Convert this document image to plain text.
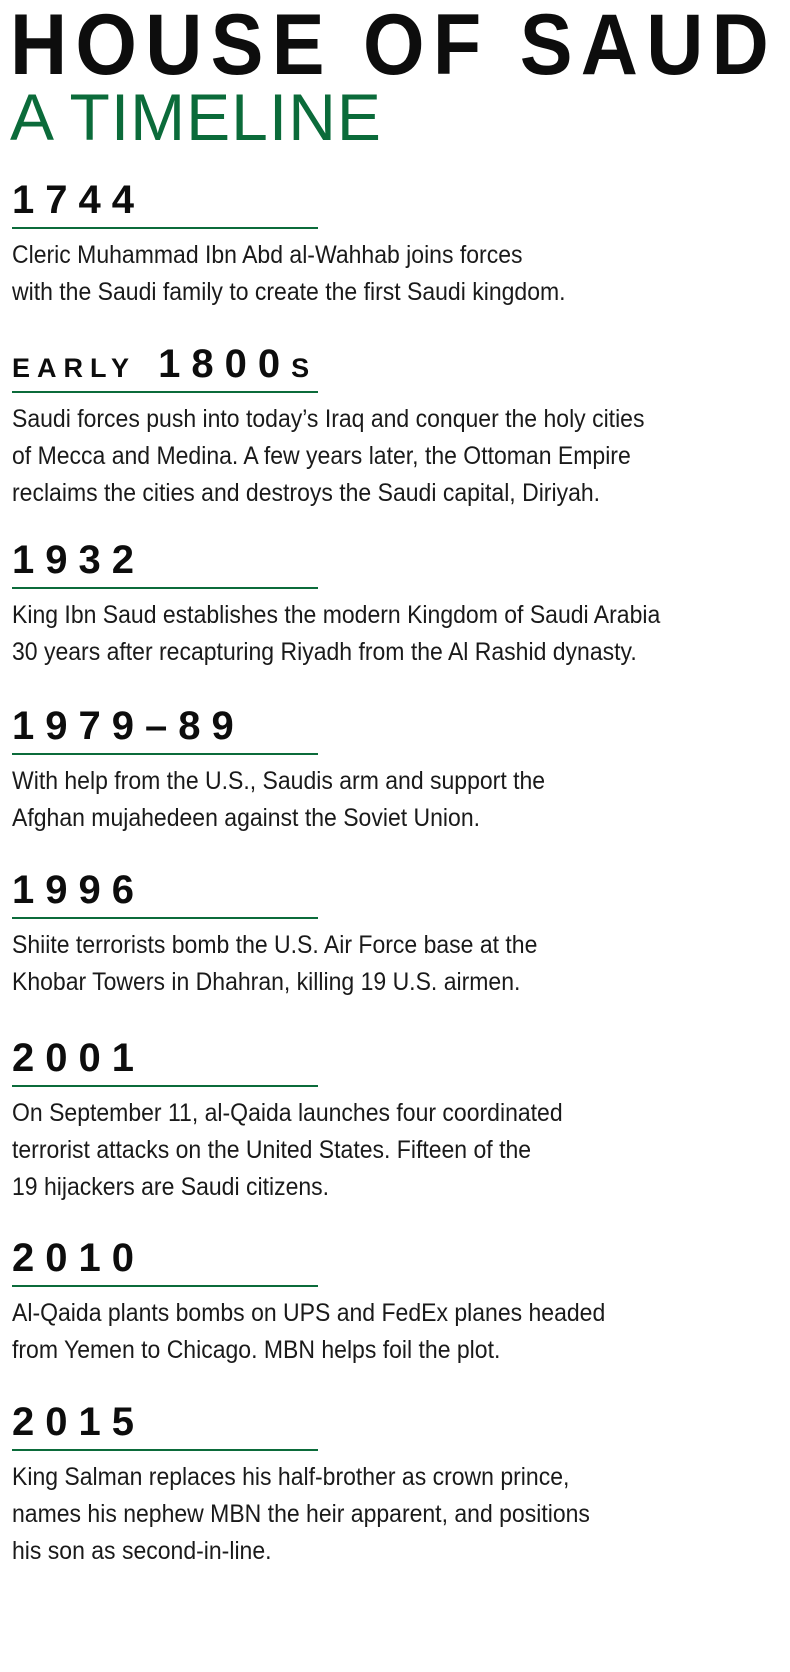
HOUSE OF SAUD
A TIMELINE
1744
Cleric Muhammad Ibn Abd al-Wahhab joins forces
with the Saudi family to create the first Saudi kingdom.
EARLY 1800S
Saudi forces push into today’s Iraq and conquer the holy cities
of Mecca and Medina. A few years later, the Ottoman Empire
reclaims the cities and destroys the Saudi capital, Diriyah.
1932
King Ibn Saud establishes the modern Kingdom of Saudi Arabia
30 years after recapturing Riyadh from the Al Rashid dynasty.
1979–89
With help from the U.S., Saudis arm and support the
Afghan mujahedeen against the Soviet Union.
1996
Shiite terrorists bomb the U.S. Air Force base at the
Khobar Towers in Dhahran, killing 19 U.S. airmen.
2001
On September 11, al-Qaida launches four coordinated
terrorist attacks on the United States. Fifteen of the
19 hijackers are Saudi citizens.
2010
Al-Qaida plants bombs on UPS and FedEx planes headed
from Yemen to Chicago. MBN helps foil the plot.
2015
King Salman replaces his half-brother as crown prince,
names his nephew MBN the heir apparent, and positions
his son as second-in-line.
